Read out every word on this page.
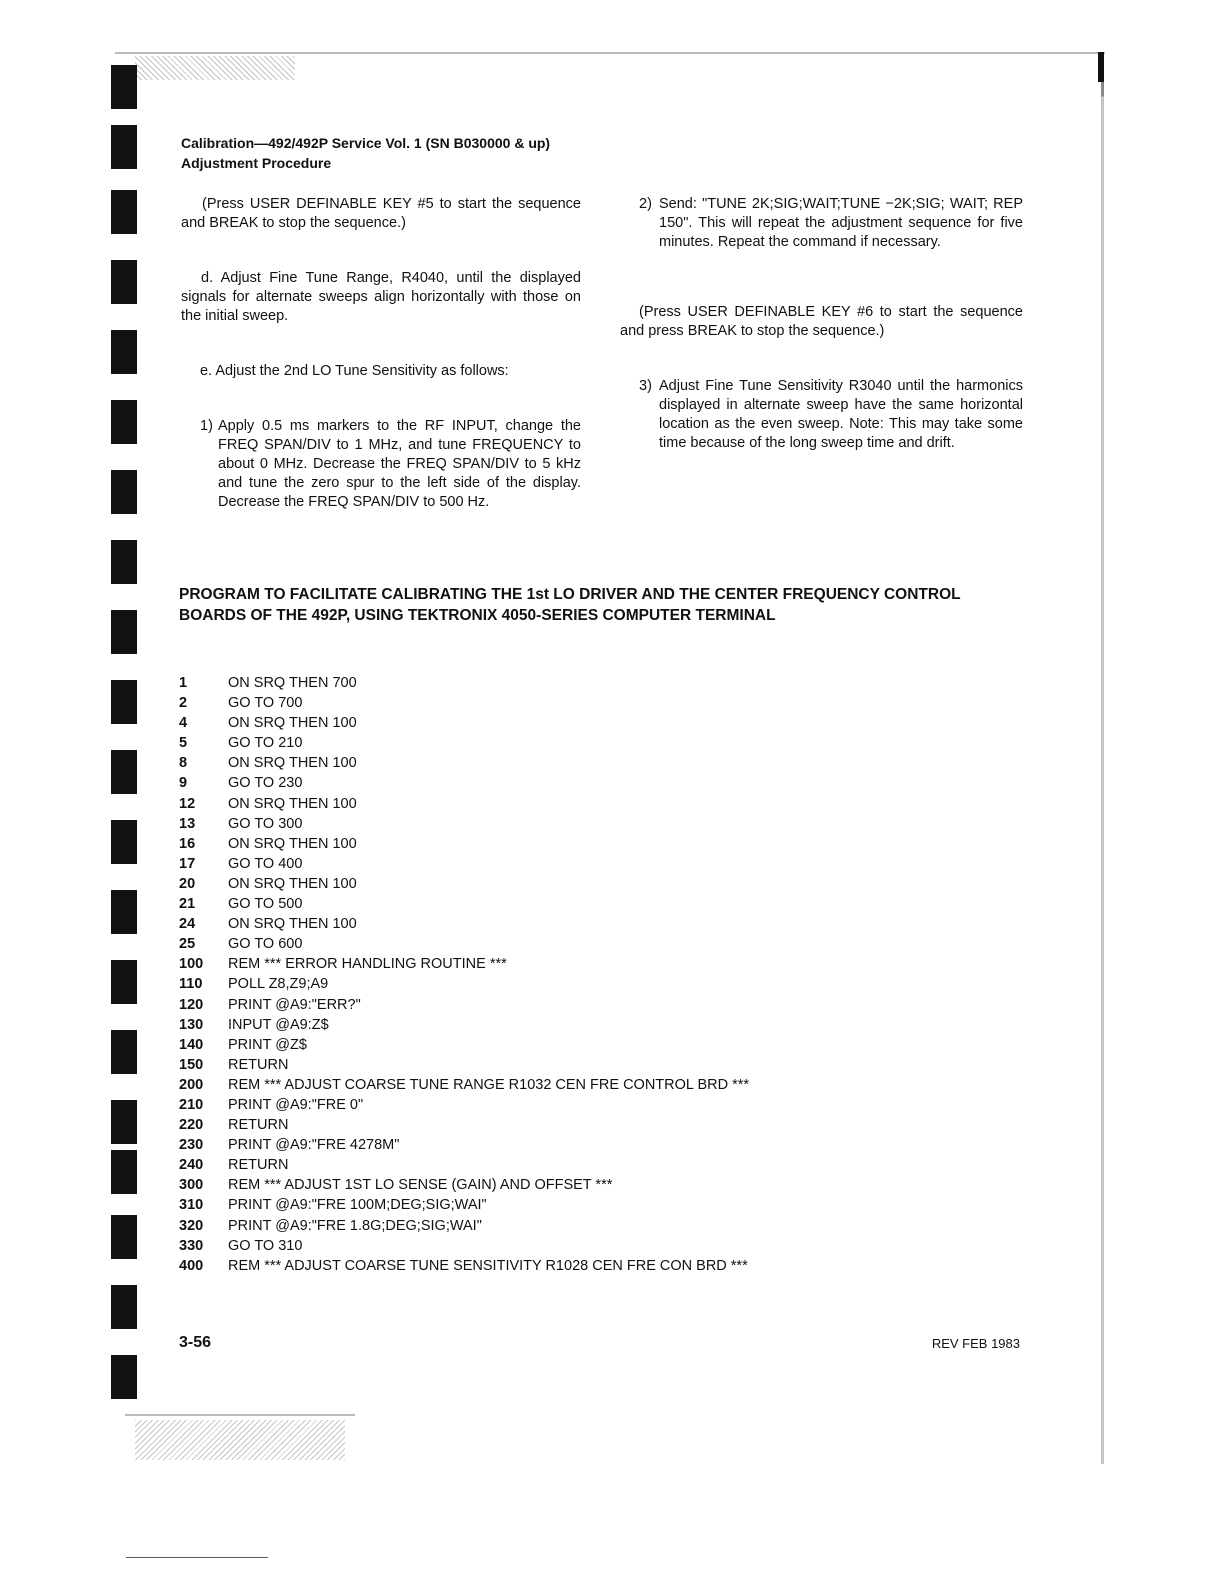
Calibration—492/492P Service Vol. 1 (SN B030000 & up)
Adjustment Procedure
(Press USER DEFINABLE KEY #5 to start the sequence and BREAK to stop the sequence.)
d. Adjust Fine Tune Range, R4040, until the displayed signals for alternate sweeps align horizontally with those on the initial sweep.
e. Adjust the 2nd LO Tune Sensitivity as follows:
1) Apply 0.5 ms markers to the RF INPUT, change the FREQ SPAN/DIV to 1 MHz, and tune FREQUENCY to about 0 MHz. Decrease the FREQ SPAN/DIV to 5 kHz and tune the zero spur to the left side of the display. Decrease the FREQ SPAN/DIV to 500 Hz.
2) Send: "TUNE 2K;SIG;WAIT;TUNE −2K;SIG; WAIT; REP 150". This will repeat the adjustment sequence for five minutes. Repeat the command if necessary.
(Press USER DEFINABLE KEY #6 to start the sequence and press BREAK to stop the sequence.)
3) Adjust Fine Tune Sensitivity R3040 until the harmonics displayed in alternate sweep have the same horizontal location as the even sweep. Note: This may take some time because of the long sweep time and drift.
PROGRAM TO FACILITATE CALIBRATING THE 1st LO DRIVER AND THE CENTER FREQUENCY CONTROL BOARDS OF THE 492P, USING TEKTRONIX 4050-SERIES COMPUTER TERMINAL
1	ON SRQ THEN 700
2	GO TO 700
4	ON SRQ THEN 100
5	GO TO 210
8	ON SRQ THEN 100
9	GO TO 230
12 ON SRQ THEN 100
13 GO TO 300
16 ON SRQ THEN 100
17 GO TO 400
20 ON SRQ THEN 100
21 GO TO 500
24 ON SRQ THEN 100
25 GO TO 600
100 REM *** ERROR HANDLING ROUTINE ***
110 POLL Z8,Z9;A9
120 PRINT @A9:"ERR?"
130 INPUT @A9:Z$
140 PRINT @Z$
150 RETURN
200 REM *** ADJUST COARSE TUNE RANGE R1032 CEN FRE CONTROL BRD ***
210 PRINT @A9:"FRE 0"
220 RETURN
230 PRINT @A9:"FRE 4278M"
240 RETURN
300 REM *** ADJUST 1ST LO SENSE (GAIN) AND OFFSET ***
310 PRINT @A9:"FRE 100M;DEG;SIG;WAI"
320 PRINT @A9:"FRE 1.8G;DEG;SIG;WAI"
330 GO TO 310
400 REM *** ADJUST COARSE TUNE SENSITIVITY R1028 CEN FRE CON BRD ***
3-56	REV FEB 1983
